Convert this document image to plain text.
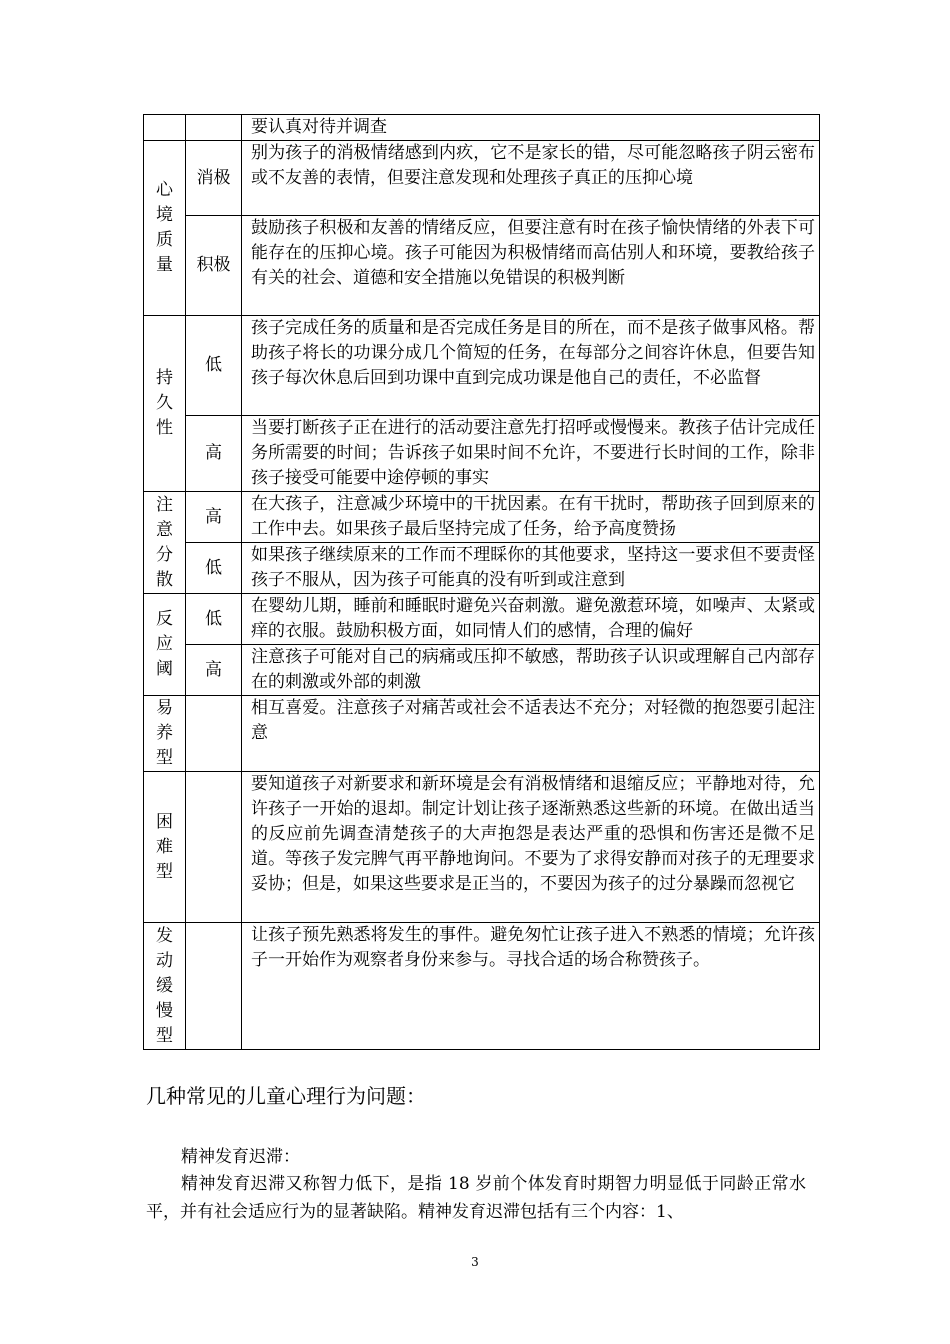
		要认真对待并调查
心境质量	消极	别为孩子的消极情绪感到内疚，它不是家长的错，尽可能忽略孩子阴云密布或不友善的表情，但要注意发现和处理孩子真正的压抑心境
	积极	鼓励孩子积极和友善的情绪反应，但要注意有时在孩子愉快情绪的外表下可能存在的压抑心境。孩子可能因为积极情绪而高估别人和环境，要教给孩子有关的社会、道德和安全措施以免错误的积极判断
持久性	低	孩子完成任务的质量和是否完成任务是目的所在，而不是孩子做事风格。帮助孩子将长的功课分成几个简短的任务，在每部分之间容许休息，但要告知孩子每次休息后回到功课中直到完成功课是他自己的责任，不必监督
	高	当要打断孩子正在进行的活动要注意先打招呼或慢慢来。教孩子估计完成任务所需要的时间；告诉孩子如果时间不允许，不要进行长时间的工作，除非孩子接受可能要中途停顿的事实
注意分散	高	在大孩子，注意减少环境中的干扰因素。在有干扰时，帮助孩子回到原来的工作中去。如果孩子最后坚持完成了任务，给予高度赞扬
	低	如果孩子继续原来的工作而不理睬你的其他要求，坚持这一要求但不要责怪孩子不服从，因为孩子可能真的没有听到或注意到
反应阈	低	在婴幼儿期，睡前和睡眠时避免兴奋刺激。避免激惹环境，如噪声、太紧或痒的衣服。鼓励积极方面，如同情人们的感情，合理的偏好
	高	注意孩子可能对自己的病痛或压抑不敏感，帮助孩子认识或理解自己内部存在的刺激或外部的刺激
易养型		相互喜爱。注意孩子对痛苦或社会不适表达不充分；对轻微的抱怨要引起注意
困难型		要知道孩子对新要求和新环境是会有消极情绪和退缩反应；平静地对待，允许孩子一开始的退却。制定计划让孩子逐渐熟悉这些新的环境。在做出适当的反应前先调查清楚孩子的大声抱怨是表达严重的恐惧和伤害还是微不足道。等孩子发完脾气再平静地询问。不要为了求得安静而对孩子的无理要求妥协；但是，如果这些要求是正当的，不要因为孩子的过分暴躁而忽视它
发动缓慢型		让孩子预先熟悉将发生的事件。避免匆忙让孩子进入不熟悉的情境；允许孩子一开始作为观察者身份来参与。寻找合适的场合称赞孩子。
几种常见的儿童心理行为问题：
精神发育迟滞：
精神发育迟滞又称智力低下，是指 18 岁前个体发育时期智力明显低于同龄正常水平，并有社会适应行为的显著缺陷。精神发育迟滞包括有三个内容：1、
3
